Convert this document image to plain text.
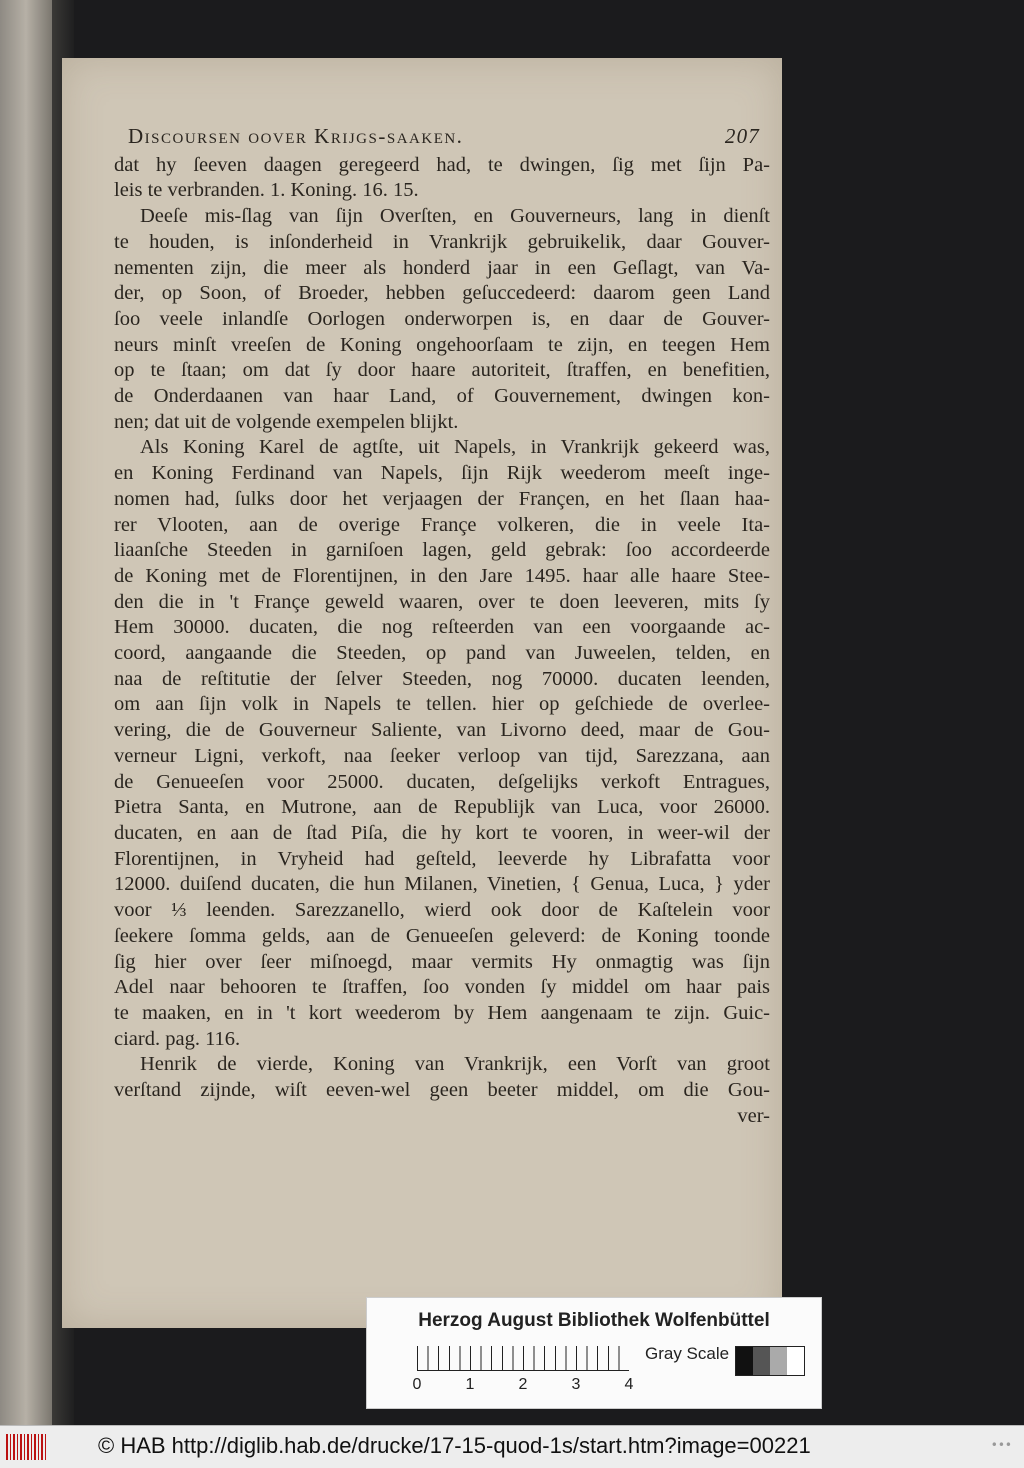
Discoursen oover Krijgs-saaken.	207
dat hy ſeeven daagen geregeerd had, te dwingen, ſig met ſijn Pa-
leis te verbranden. 1. Koning. 16. 15.
Deeſe mis-ſlag van ſijn Overſten, en Gouverneurs, lang in dienſt
te houden, is inſonderheid in Vrankrijk gebruikelik, daar Gouver-
nementen zijn, die meer als honderd jaar in een Geſlagt, van Va-
der, op Soon, of Broeder, hebben geſuccedeerd: daarom geen Land
ſoo veele inlandſe Oorlogen onderworpen is, en daar de Gouver-
neurs minſt vreeſen de Koning ongehoorſaam te zijn, en teegen Hem
op te ſtaan; om dat ſy door haare autoriteit, ſtraffen, en benefitien,
de Onderdaanen van haar Land, of Gouvernement, dwingen kon-
nen; dat uit de volgende exempelen blijkt.
Als Koning Karel de agtſte, uit Napels, in Vrankrijk gekeerd was,
en Koning Ferdinand van Napels, ſijn Rijk weederom meeſt inge-
nomen had, ſulks door het verjaagen der Françen, en het ſlaan haa-
rer Vlooten, aan de overige Françe volkeren, die in veele Ita-
liaanſche Steeden in garniſoen lagen, geld gebrak: ſoo accordeerde
de Koning met de Florentijnen, in den Jare 1495. haar alle haare Stee-
den die in 't Françe geweld waaren, over te doen leeveren, mits ſy
Hem 30000. ducaten, die nog reſteerden van een voorgaande ac-
coord, aangaande die Steeden, op pand van Juweelen, telden, en
naa de reſtitutie der ſelver Steeden, nog 70000. ducaten leenden,
om aan ſijn volk in Napels te tellen. hier op geſchiede de overlee-
vering, die de Gouverneur Saliente, van Livorno deed, maar de Gou-
verneur Ligni, verkoft, naa ſeeker verloop van tijd, Sarezzana, aan
de Genueeſen voor 25000. ducaten, deſgelijks verkoft Entragues,
Pietra Santa, en Mutrone, aan de Republijk van Luca, voor 26000.
ducaten, en aan de ſtad Piſa, die hy kort te vooren, in weer-wil der
Florentijnen, in Vryheid had geſteld, leeverde hy Librafatta voor
12000. duiſend ducaten, die hun Milanen, Vinetien, { Genua, Luca, } yder
voor ⅓ leenden. Sarezzanello, wierd ook door de Kaſtelein voor
ſeekere ſomma gelds, aan de Genueeſen geleverd: de Koning toonde
ſig hier over ſeer miſnoegd, maar vermits Hy onmagtig was ſijn
Adel naar behooren te ſtraffen, ſoo vonden ſy middel om haar pais
te maaken, en in 't kort weederom by Hem aangenaam te zijn. Guic-
ciard. pag. 116.
Henrik de vierde, Koning van Vrankrijk, een Vorſt van groot
verſtand zijnde, wiſt eeven-wel geen beeter middel, om die Gou-
ver-
Herzog August Bibliothek Wolfenbüttel
0	1	2	3	4
Gray Scale
© HAB http://diglib.hab.de/drucke/17-15-quod-1s/start.htm?image=00221	•••
